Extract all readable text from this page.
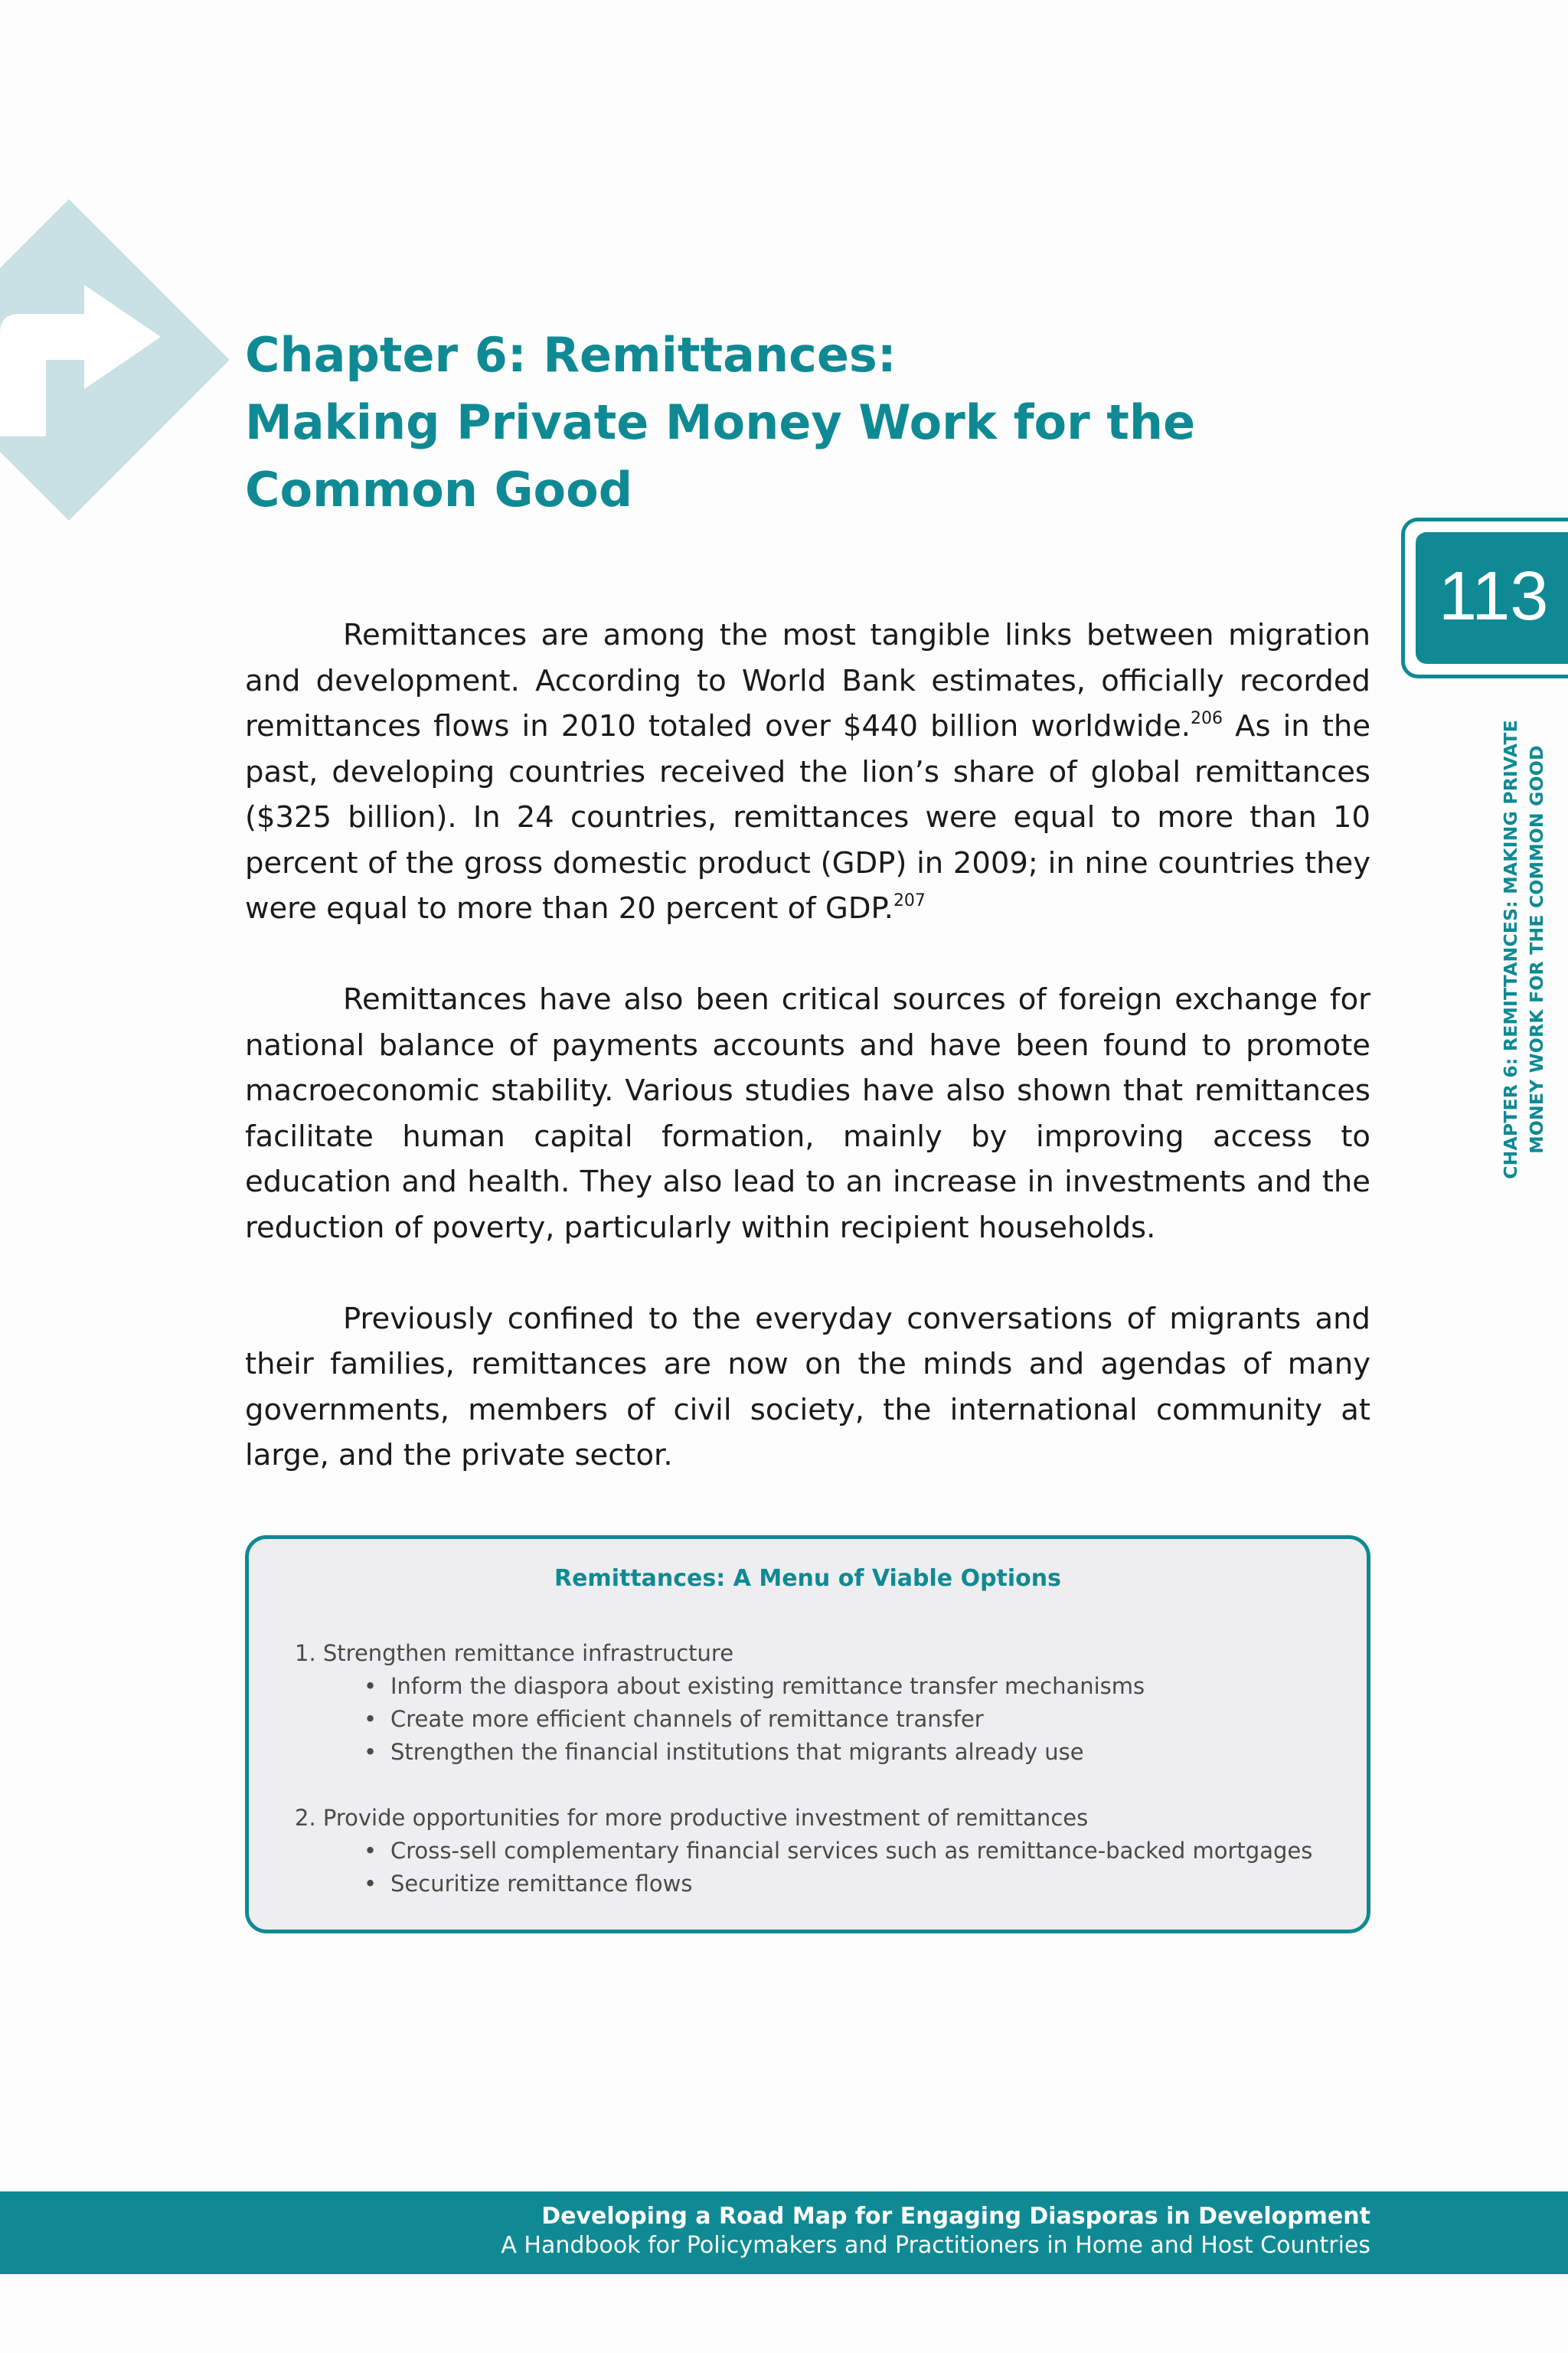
Chapter 6: Remittances:
Making Private Money Work for the
Common Good
113
CHAPTER 6: REMITTANCES: MAKING PRIVATE MONEY WORK FOR THE COMMON GOOD

Remittances are among the most tangible links between migration and development. According to World Bank estimates, officially recorded remittances flows in 2010 totaled over $440 billion worldwide.$^{206}$ As in the past, developing countries received the lion’s share of global remittances ($325 billion). In 24 countries, remittances were equal to more than 10 percent of the gross domestic product (GDP) in 2009; in nine countries they were equal to more than 20 percent of GDP.$^{207}$

Remittances have also been critical sources of foreign exchange for national balance of payments accounts and have been found to promote macroeconomic stability. Various studies have also shown that remittances facilitate human capital formation, mainly by improving access to education and health. They also lead to an increase in investments and the reduction of poverty, particularly within recipient households.

Previously confined to the everyday conversations of migrants and their families, remittances are now on the minds and agendas of many governments, members of civil society, the international community at large, and the private sector.

Remittances: A Menu of Viable Options
1. Strengthen remittance infrastructure
• Inform the diaspora about existing remittance transfer mechanisms
• Create more efficient channels of remittance transfer
• Strengthen the financial institutions that migrants already use
2. Provide opportunities for more productive investment of remittances
• Cross-sell complementary financial services such as remittance-backed mortgages
• Securitize remittance flows
Developing a Road Map for Engaging Diasporas in Development
A Handbook for Policymakers and Practitioners in Home and Host Countries
